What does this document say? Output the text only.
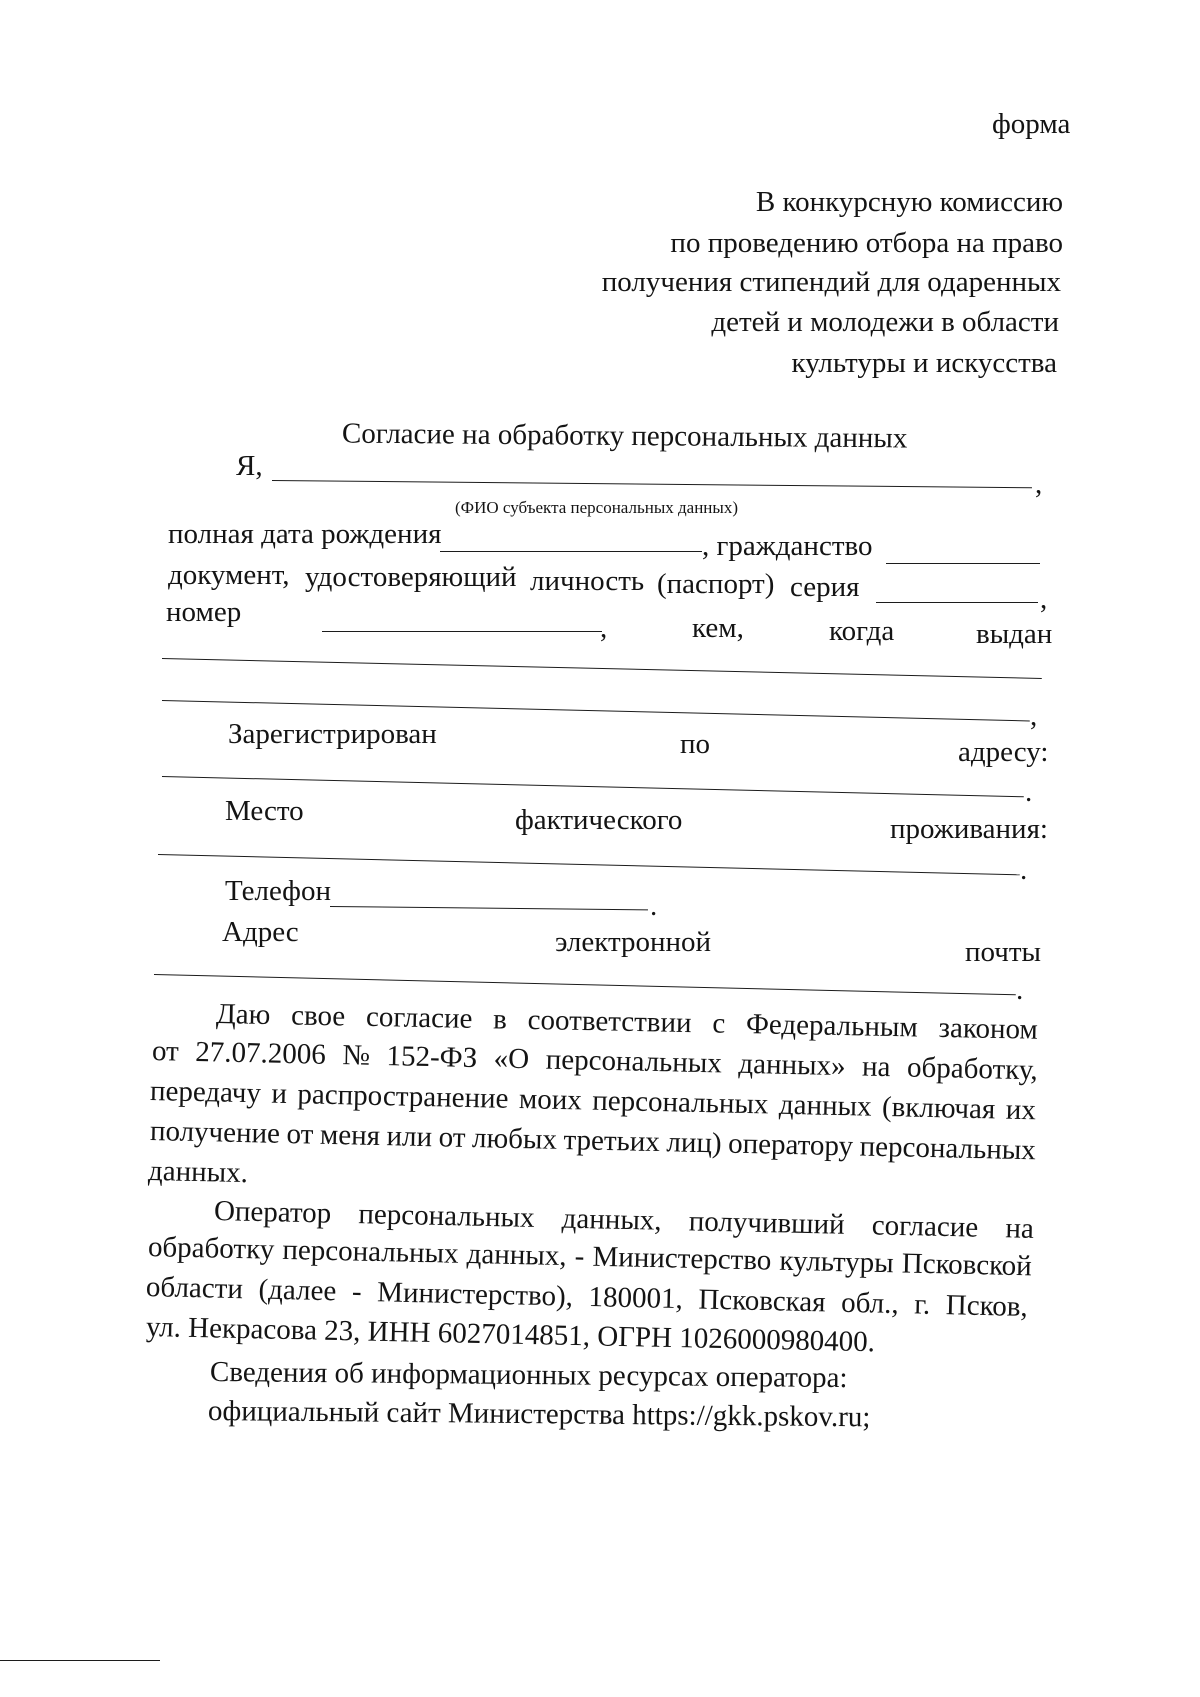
форма
В конкурсную комиссию
по проведению отбора на право
получения стипендий для одаренных
детей и молодежи в области
культуры и искусства
Согласие на обработку персональных данных
Я,
,
(ФИО субъекта персональных данных)
полная дата рождения	, гражданство
документ, удостоверяющий личность (паспорт) серия	,
номер	,	кем,	когда	выдан
,
Зарегистрирован	по	адресу:
.
Место	фактического	проживания:
.
Телефон	.
Адрес	электронной	почты
.
Даю свое согласие в соответствии с Федеральным законом
от 27.07.2006 № 152-ФЗ «О персональных данных» на обработку,
передачу и распространение моих персональных данных (включая их
получение от меня или от любых третьих лиц) оператору персональных
данных.
Оператор персональных данных, получивший согласие на
обработку персональных данных, - Министерство культуры Псковской
области (далее - Министерство), 180001, Псковская обл., г. Псков,
ул. Некрасова 23, ИНН 6027014851, ОГРН 1026000980400.
Сведения об информационных ресурсах оператора:
официальный сайт Министерства https://gkk.pskov.ru;
